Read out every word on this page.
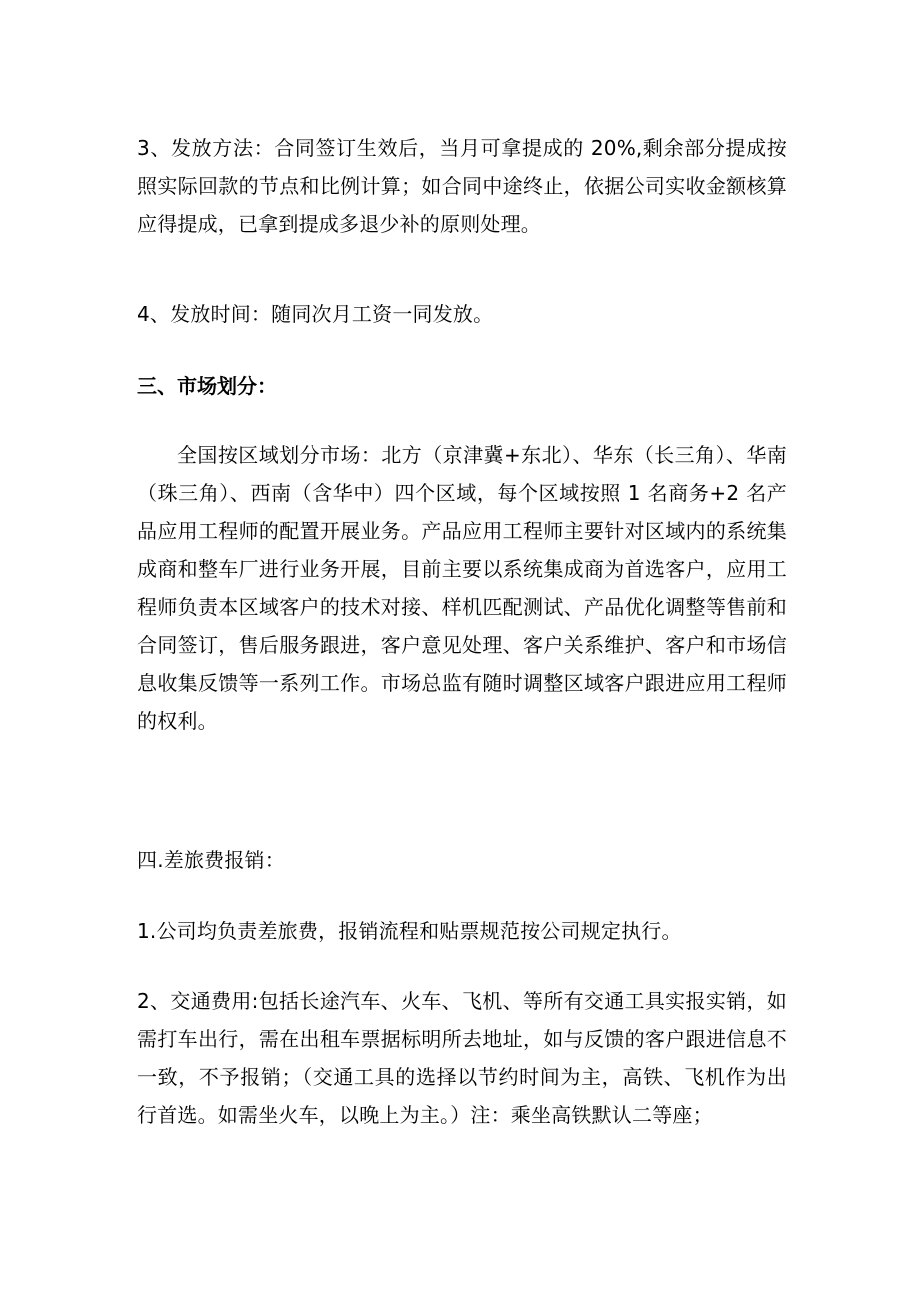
3、发放方法：合同签订生效后，当月可拿提成的 20%,剩余部分提成按照实际回款的节点和比例计算；如合同中途终止，依据公司实收金额核算应得提成，已拿到提成多退少补的原则处理。

4、发放时间：随同次月工资一同发放。

三、市场划分：

全国按区域划分市场：北方（京津冀+东北）、华东（长三角）、华南（珠三角）、西南（含华中）四个区域，每个区域按照 1 名商务+2 名产品应用工程师的配置开展业务。产品应用工程师主要针对区域内的系统集成商和整车厂进行业务开展，目前主要以系统集成商为首选客户，应用工程师负责本区域客户的技术对接、样机匹配测试、产品优化调整等售前和合同签订，售后服务跟进，客户意见处理、客户关系维护、客户和市场信息收集反馈等一系列工作。市场总监有随时调整区域客户跟进应用工程师的权利。

四.差旅费报销：

1.公司均负责差旅费，报销流程和贴票规范按公司规定执行。

2、交通费用:包括长途汽车、火车、飞机、等所有交通工具实报实销，如需打车出行，需在出租车票据标明所去地址，如与反馈的客户跟进信息不一致，不予报销；（交通工具的选择以节约时间为主，高铁、飞机作为出行首选。如需坐火车，以晚上为主。）注：乘坐高铁默认二等座；
